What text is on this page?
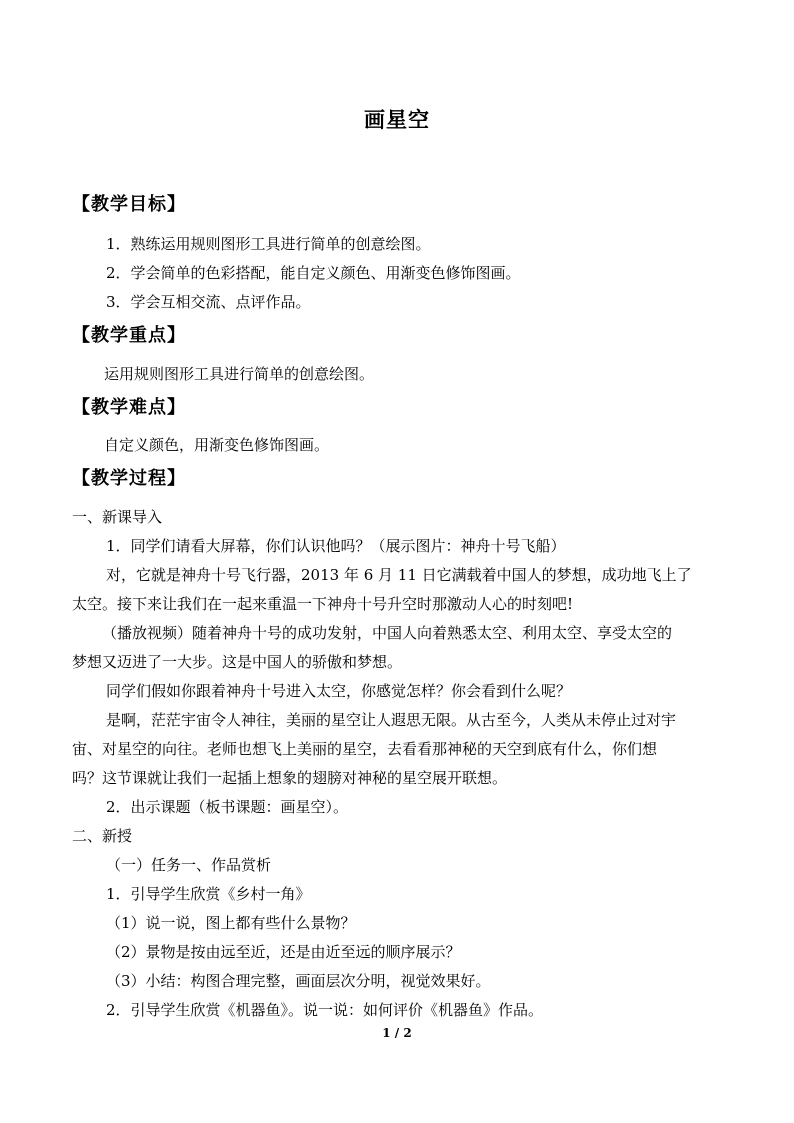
画星空
【教学目标】
1．熟练运用规则图形工具进行简单的创意绘图。
2．学会简单的色彩搭配，能自定义颜色、用渐变色修饰图画。
3．学会互相交流、点评作品。
【教学重点】
运用规则图形工具进行简单的创意绘图。
【教学难点】
自定义颜色，用渐变色修饰图画。
【教学过程】
一、新课导入
1．同学们请看大屏幕，你们认识他吗？（展示图片：神舟十号飞船）
对，它就是神舟十号飞行器，2013 年 6 月 11 日它满载着中国人的梦想，成功地飞上了
太空。接下来让我们在一起来重温一下神舟十号升空时那激动人心的时刻吧!
（播放视频）随着神舟十号的成功发射，中国人向着熟悉太空、利用太空、享受太空的
梦想又迈进了一大步。这是中国人的骄傲和梦想。
同学们假如你跟着神舟十号进入太空，你感觉怎样？你会看到什么呢？
是啊，茫茫宇宙令人神往，美丽的星空让人遐思无限。从古至今，人类从未停止过对宇
宙、对星空的向往。老师也想飞上美丽的星空，去看看那神秘的天空到底有什么，你们想
吗？这节课就让我们一起插上想象的翅膀对神秘的星空展开联想。
2．出示课题（板书课题：画星空）。
二、新授
（一）任务一、作品赏析
1．引导学生欣赏《乡村一角》
（1）说一说，图上都有些什么景物？
（2）景物是按由远至近，还是由近至远的顺序展示？
（3）小结：构图合理完整，画面层次分明，视觉效果好。
2．引导学生欣赏《机器鱼》。说一说：如何评价《机器鱼》作品。
1 / 2
